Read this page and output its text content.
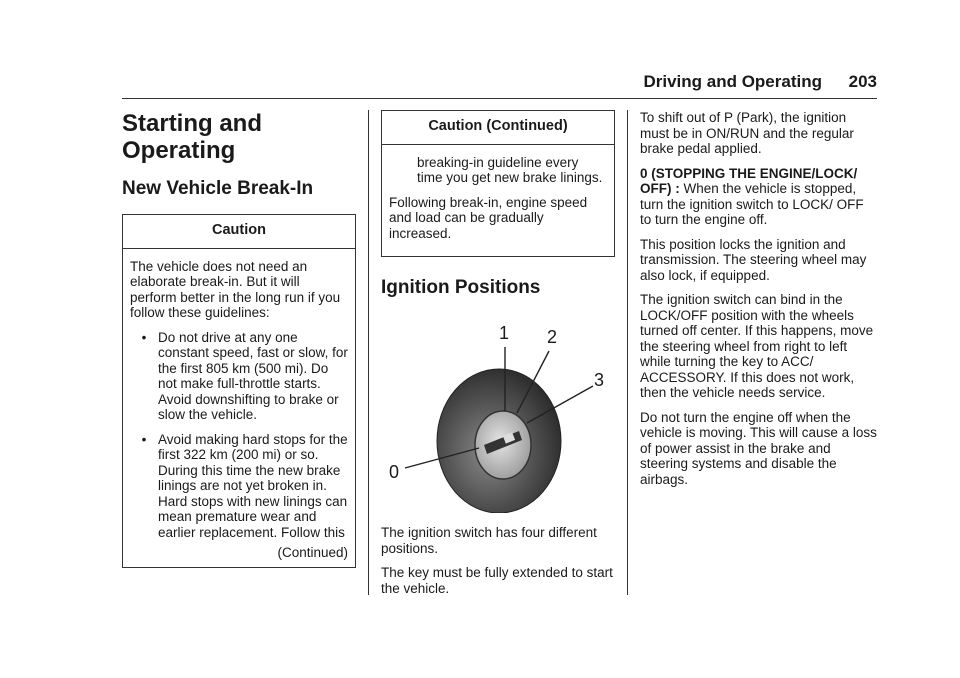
Driving and Operating	203
Starting and
Operating
New Vehicle Break-In
Caution

The vehicle does not need an elaborate break-in. But it will perform better in the long run if you follow these guidelines:

• Do not drive at any one constant speed, fast or slow, for the first 805 km (500 mi). Do not make full-throttle starts. Avoid downshifting to brake or slow the vehicle.
• Avoid making hard stops for the first 322 km (200 mi) or so. During this time the new brake linings are not yet broken in. Hard stops with new linings can mean premature wear and earlier replacement. Follow this
(Continued)
Caution (Continued)

breaking-in guideline every time you get new brake linings.

Following break-in, engine speed and load can be gradually increased.

Ignition Positions
0
1 2
3

The ignition switch has four different positions.

The key must be fully extended to start the vehicle.

To shift out of P (Park), the ignition must be in ON/RUN and the regular brake pedal applied.

0 (STOPPING THE ENGINE/LOCK/ OFF) : When the vehicle is stopped, turn the ignition switch to LOCK/ OFF to turn the engine off.

This position locks the ignition and transmission. The steering wheel may also lock, if equipped.

The ignition switch can bind in the LOCK/OFF position with the wheels turned off center. If this happens, move the steering wheel from right to left while turning the key to ACC/ ACCESSORY. If this does not work, then the vehicle needs service.

Do not turn the engine off when the vehicle is moving. This will cause a loss of power assist in the brake and steering systems and disable the airbags.
